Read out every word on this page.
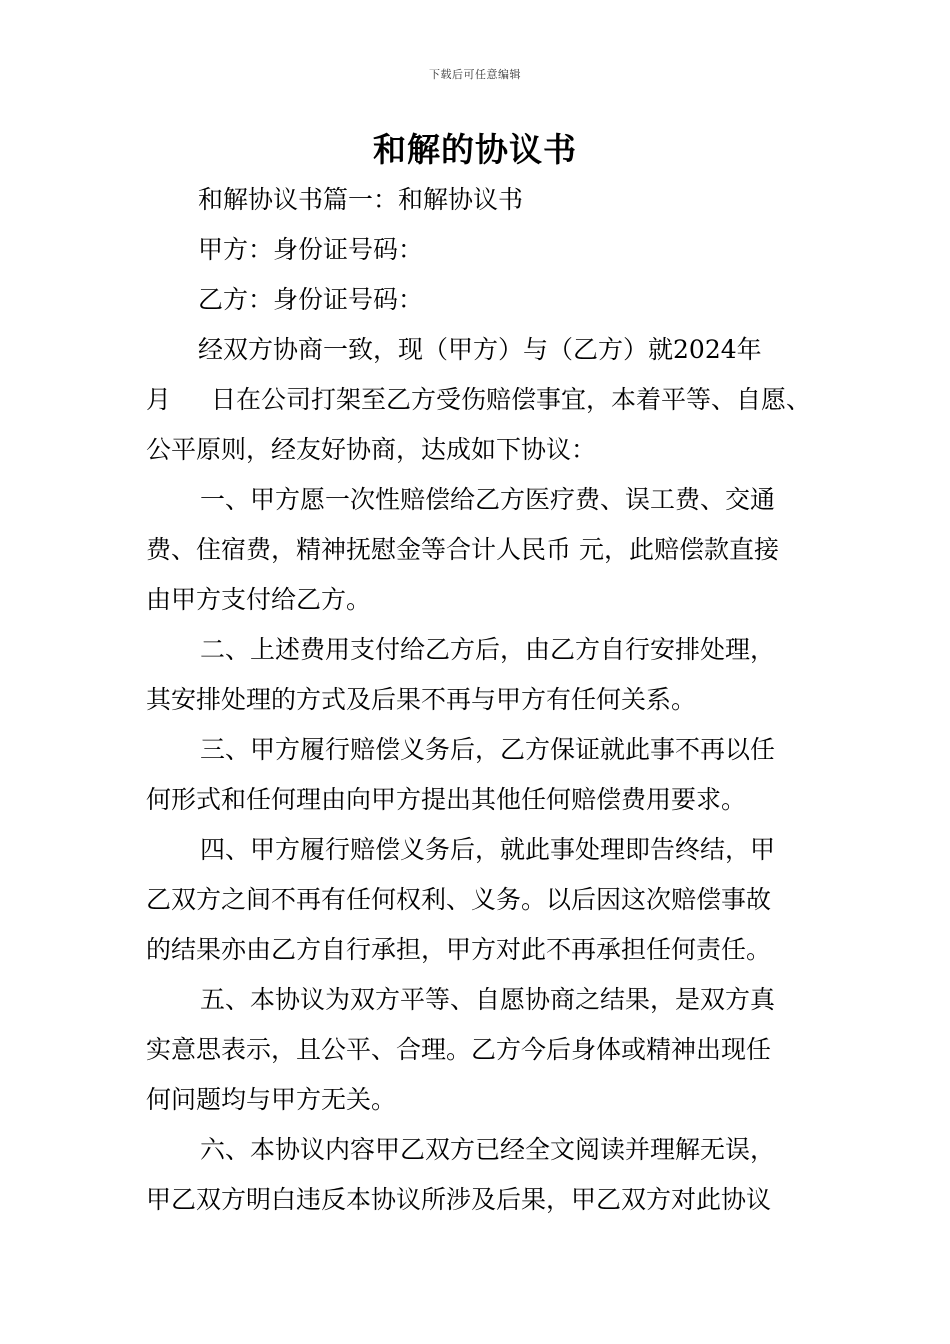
下载后可任意编辑
和解的协议书
和解协议书篇一：和解协议书
甲方：身份证号码：
乙方：身份证号码：
经双方协商一致，现（甲方）与（乙方）就2024年
月 日在公司打架至乙方受伤赔偿事宜，本着平等、自愿、
公平原则，经友好协商，达成如下协议：
一、甲方愿一次性赔偿给乙方医疗费、误工费、交通
费、住宿费，精神抚慰金等合计人民币 元，此赔偿款直接
由甲方支付给乙方。
二、上述费用支付给乙方后，由乙方自行安排处理，
其安排处理的方式及后果不再与甲方有任何关系。
三、甲方履行赔偿义务后，乙方保证就此事不再以任
何形式和任何理由向甲方提出其他任何赔偿费用要求。
四、甲方履行赔偿义务后，就此事处理即告终结，甲
乙双方之间不再有任何权利、义务。以后因这次赔偿事故
的结果亦由乙方自行承担，甲方对此不再承担任何责任。
五、本协议为双方平等、自愿协商之结果，是双方真
实意思表示，且公平、合理。乙方今后身体或精神出现任
何问题均与甲方无关。
六、本协议内容甲乙双方已经全文阅读并理解无误，
甲乙双方明白违反本协议所涉及后果，甲乙双方对此协议
